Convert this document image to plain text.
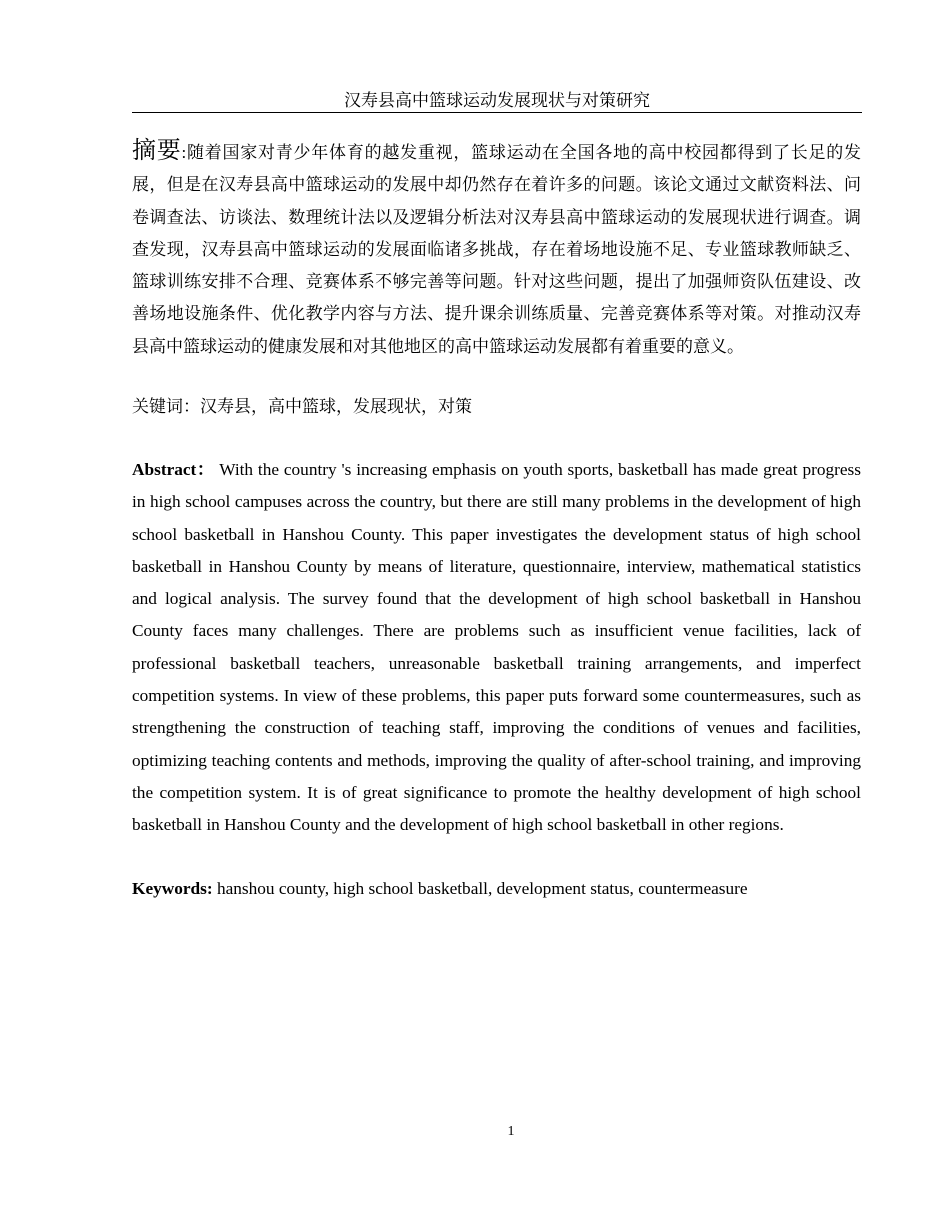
汉寿县高中篮球运动发展现状与对策研究
摘要:随着国家对青少年体育的越发重视，篮球运动在全国各地的高中校园都得到了长足的发展，但是在汉寿县高中篮球运动的发展中却仍然存在着许多的问题。该论文通过文献资料法、问卷调查法、访谈法、数理统计法以及逻辑分析法对汉寿县高中篮球运动的发展现状进行调查。调查发现，汉寿县高中篮球运动的发展面临诸多挑战，存在着场地设施不足、专业篮球教师缺乏、篮球训练安排不合理、竞赛体系不够完善等问题。针对这些问题，提出了加强师资队伍建设、改善场地设施条件、优化教学内容与方法、提升课余训练质量、完善竞赛体系等对策。对推动汉寿县高中篮球运动的健康发展和对其他地区的高中篮球运动发展都有着重要的意义。
关键词：汉寿县，高中篮球，发展现状，对策
Abstract： With the country 's increasing emphasis on youth sports, basketball has made great progress in high school campuses across the country, but there are still many problems in the development of high school basketball in Hanshou County. This paper investigates the development status of high school basketball in Hanshou County by means of literature, questionnaire, interview, mathematical statistics and logical analysis. The survey found that the development of high school basketball in Hanshou County faces many challenges. There are problems such as insufficient venue facilities, lack of professional basketball teachers, unreasonable basketball training arrangements, and imperfect competition systems. In view of these problems, this paper puts forward some countermeasures, such as strengthening the construction of teaching staff, improving the conditions of venues and facilities, optimizing teaching contents and methods, improving the quality of after-school training, and improving the competition system. It is of great significance to promote the healthy development of high school basketball in Hanshou County and the development of high school basketball in other regions.
Keywords: hanshou county, high school basketball, development status, countermeasure
1
